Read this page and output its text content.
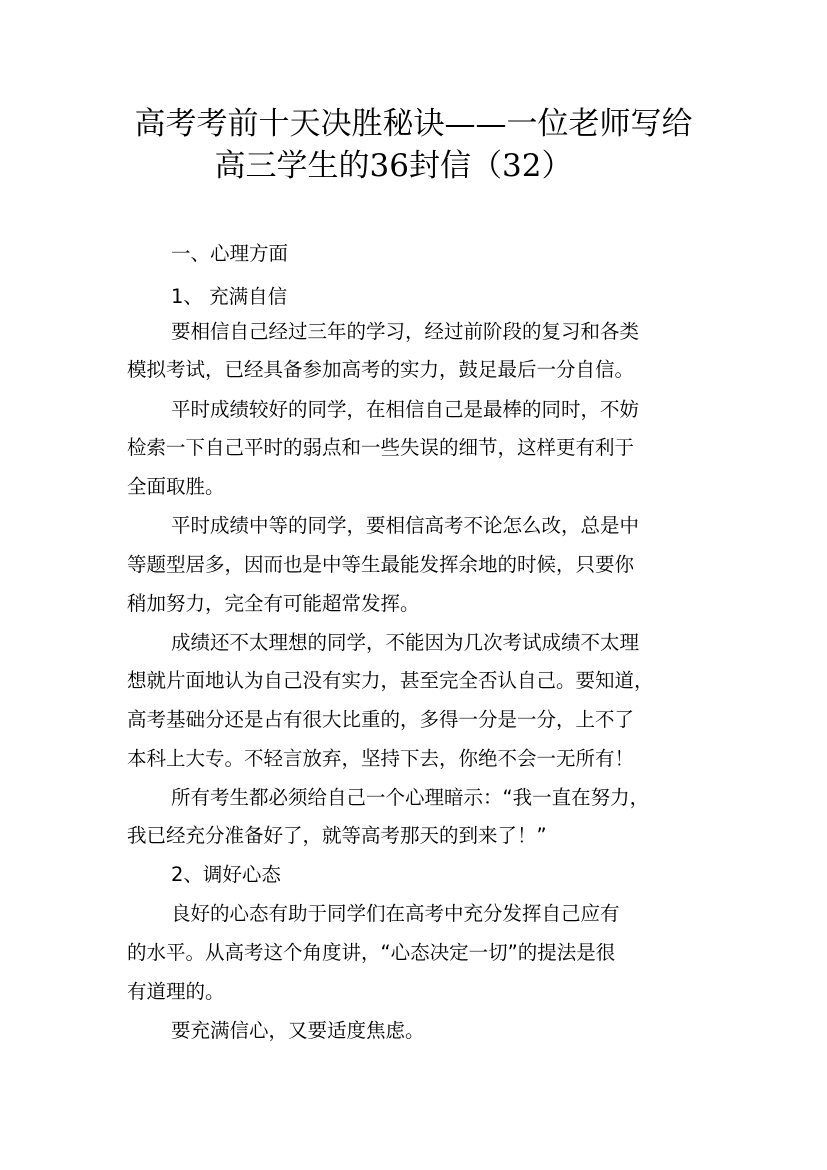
高考考前十天决胜秘诀——一位老师写给
高三学生的36封信（32）
一、心理方面
1、 充满自信
要相信自己经过三年的学习，经过前阶段的复习和各类
模拟考试，已经具备参加高考的实力，鼓足最后一分自信。
平时成绩较好的同学，在相信自己是最棒的同时，不妨
检索一下自己平时的弱点和一些失误的细节，这样更有利于
全面取胜。
平时成绩中等的同学，要相信高考不论怎么改，总是中
等题型居多，因而也是中等生最能发挥余地的时候，只要你
稍加努力，完全有可能超常发挥。
成绩还不太理想的同学，不能因为几次考试成绩不太理
想就片面地认为自己没有实力，甚至完全否认自己。要知道，
高考基础分还是占有很大比重的，多得一分是一分，上不了
本科上大专。不轻言放弃，坚持下去，你绝不会一无所有！
所有考生都必须给自己一个心理暗示：“我一直在努力，
我已经充分准备好了，就等高考那天的到来了！”
2、调好心态
良好的心态有助于同学们在高考中充分发挥自己应有
的水平。从高考这个角度讲，“心态决定一切”的提法是很
有道理的。
要充满信心，又要适度焦虑。
